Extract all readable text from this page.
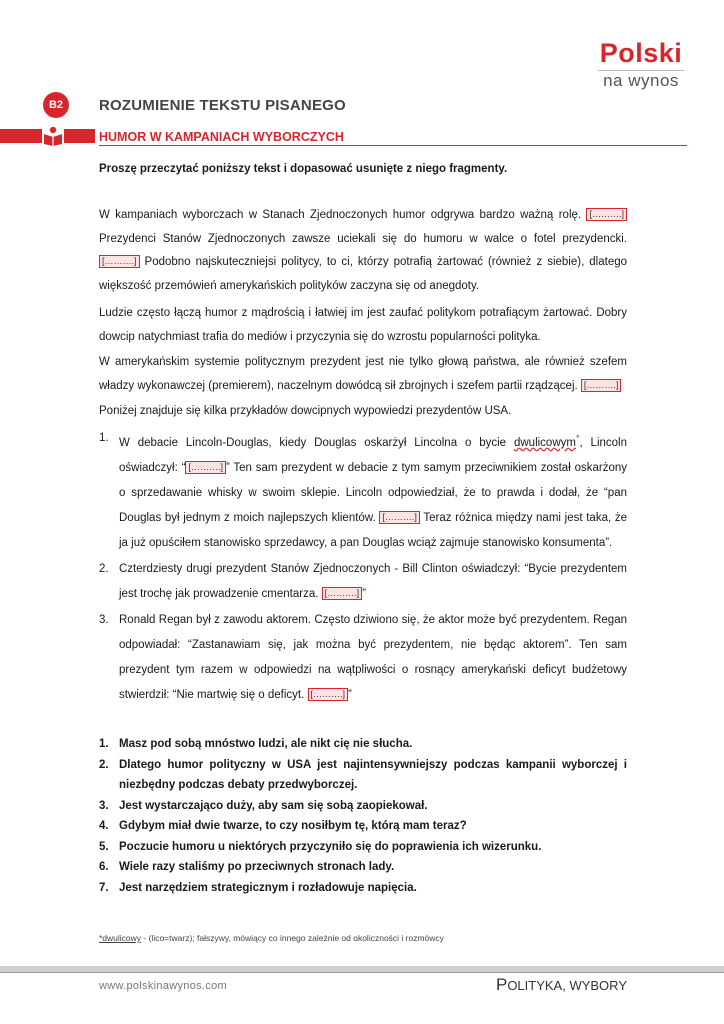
Polski
na wynos
B2	ROZUMIENIE TEKSTU PISANEGO
HUMOR W KAMPANIACH WYBORCZYCH
Proszę przeczytać poniższy tekst i dopasować usunięte z niego fragmenty.
W kampaniach wyborczach w Stanach Zjednoczonych humor odgrywa bardzo ważną rolę. [……….] Prezydenci Stanów Zjednoczonych zawsze uciekali się do humoru w walce o fotel prezydencki. [……….] Podobno najskuteczniejsi politycy, to ci, którzy potrafią żartować (również z siebie), dlatego większość przemówień amerykańskich polityków zaczyna się od anegdoty.
Ludzie często łączą humor z mądrością i łatwiej im jest zaufać politykom potrafiącym żartować. Dobry dowcip natychmiast trafia do mediów i przyczynia się do wzrostu popularności polityka.
W amerykańskim systemie politycznym prezydent jest nie tylko głową państwa, ale również szefem władzy wykonawczej (premierem), naczelnym dowódcą sił zbrojnych i szefem partii rządzącej. [……….]
Poniżej znajduje się kilka przykładów dowcipnych wypowiedzi prezydentów USA.
1. W debacie Lincoln-Douglas, kiedy Douglas oskarżył Lincolna o bycie dwulicowym*, Lincoln oświadczył: “ [……….] ” Ten sam prezydent w debacie z tym samym przeciwnikiem został oskarżony o sprzedawanie whisky w swoim sklepie. Lincoln odpowiedział, że to prawda i dodał, że “pan Douglas był jednym z moich najlepszych klientów. [……….] Teraz różnica między nami jest taka, że ja już opuściłem stanowisko sprzedawcy, a pan Douglas wciąż zajmuje stanowisko konsumenta”.
2. Czterdziesty drugi prezydent Stanów Zjednoczonych - Bill Clinton oświadczył: “Bycie prezydentem jest trochę jak prowadzenie cmentarza. [……….] ”
3. Ronald Regan był z zawodu aktorem. Często dziwiono się, że aktor może być prezydentem. Regan odpowiadał: “Zastanawiam się, jak można być prezydentem, nie będąc aktorem”. Ten sam prezydent tym razem w odpowiedzi na wątpliwości o rosnący amerykański deficyt budżetowy stwierdził: “Nie martwię się o deficyt. [……….] ”
1. Masz pod sobą mnóstwo ludzi, ale nikt cię nie słucha.
2. Dlatego humor polityczny w USA jest najintensywniejszy podczas kampanii wyborczej i niezbędny podczas debaty przedwyborczej.
3. Jest wystarczająco duży, aby sam się sobą zaopiekował.
4. Gdybym miał dwie twarze, to czy nosiłbym tę, którą mam teraz?
5. Poczucie humoru u niektórych przyczyniło się do poprawienia ich wizerunku.
6. Wiele razy staliśmy po przeciwnych stronach lady.
7. Jest narzędziem strategicznym i rozładowuje napięcia.
*dwulicowy - (lico=twarz); fałszywy, mówiący co innego zależnie od okoliczności i rozmówcy
www.polskinawynos.com	POLITYKA, WYBORY
